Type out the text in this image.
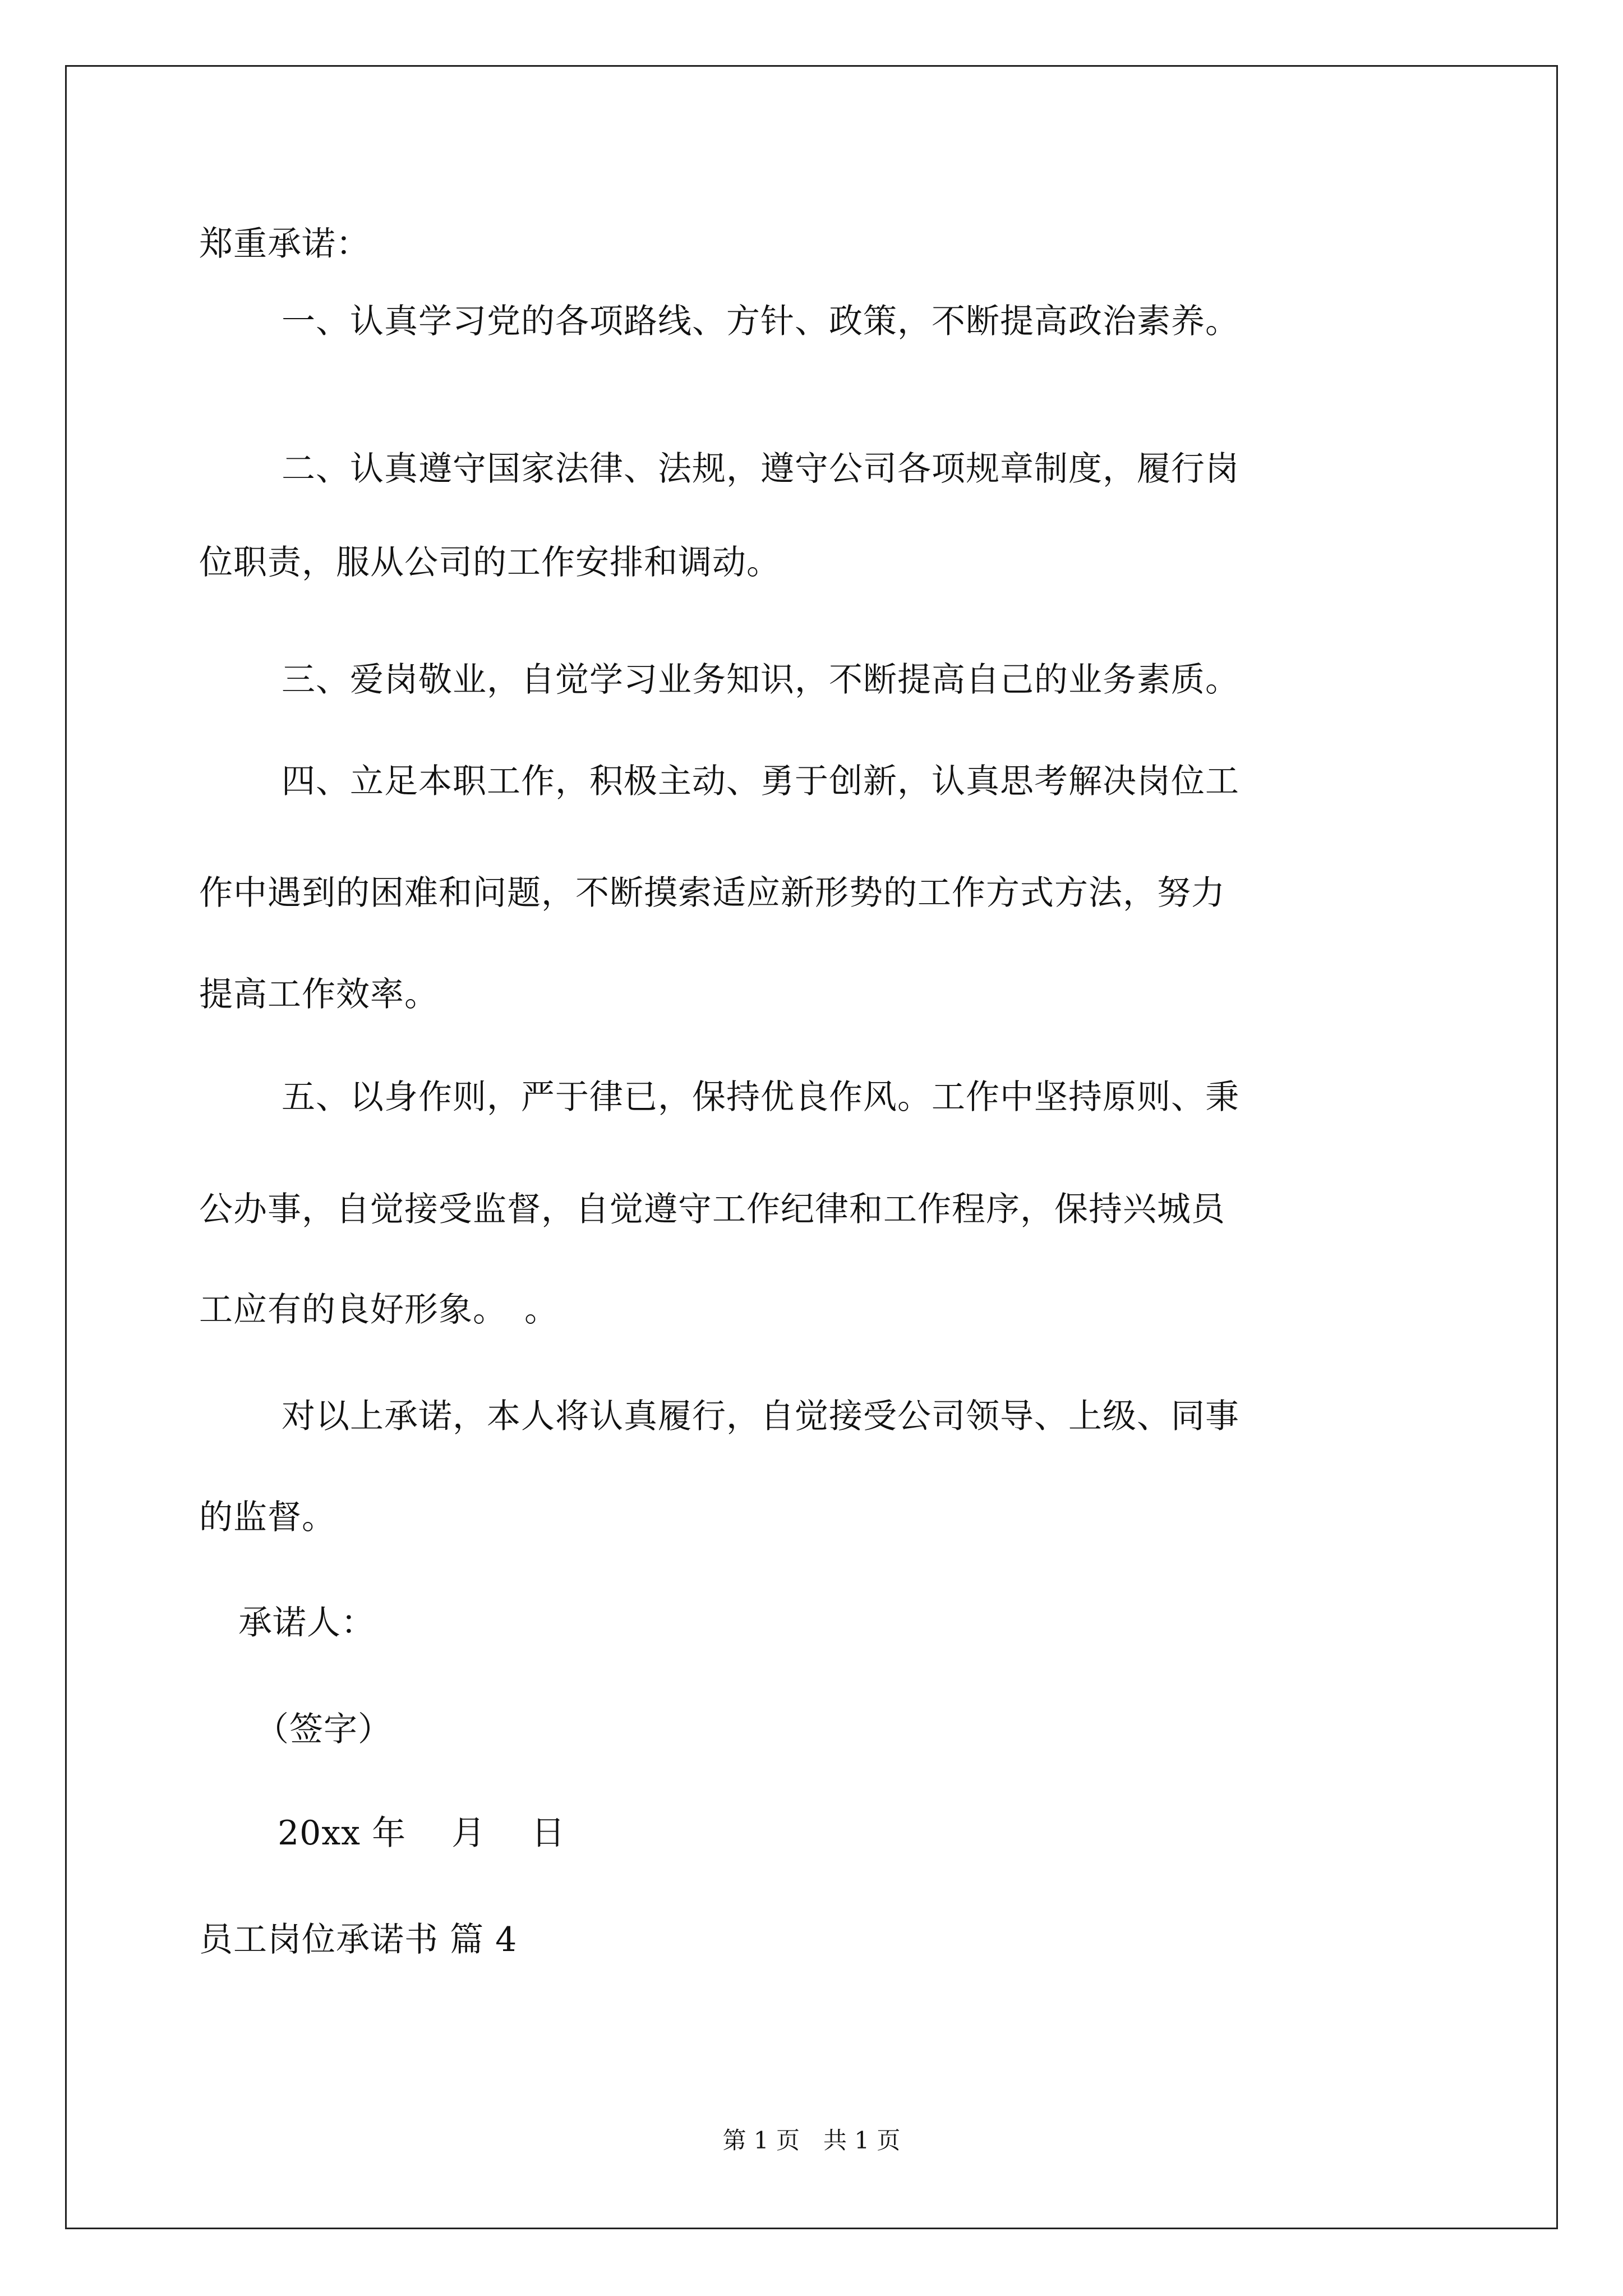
郑重承诺：
一、认真学习党的各项路线、方针、政策，不断提高政治素养。
二、认真遵守国家法律、法规，遵守公司各项规章制度，履行岗
位职责，服从公司的工作安排和调动。
三、爱岗敬业，自觉学习业务知识，不断提高自己的业务素质。
四、立足本职工作，积极主动、勇于创新，认真思考解决岗位工
作中遇到的困难和问题，不断摸索适应新形势的工作方式方法，努力
提高工作效率。
五、以身作则，严于律已，保持优良作风。工作中坚持原则、秉
公办事，自觉接受监督，自觉遵守工作纪律和工作程序，保持兴城员
工应有的良好形象。　。
对以上承诺，本人将认真履行，自觉接受公司领导、上级、同事
的监督。
承诺人：
（签字）
20xx 年　 月　 日
员工岗位承诺书 篇 4
第 1 页　共 1 页
